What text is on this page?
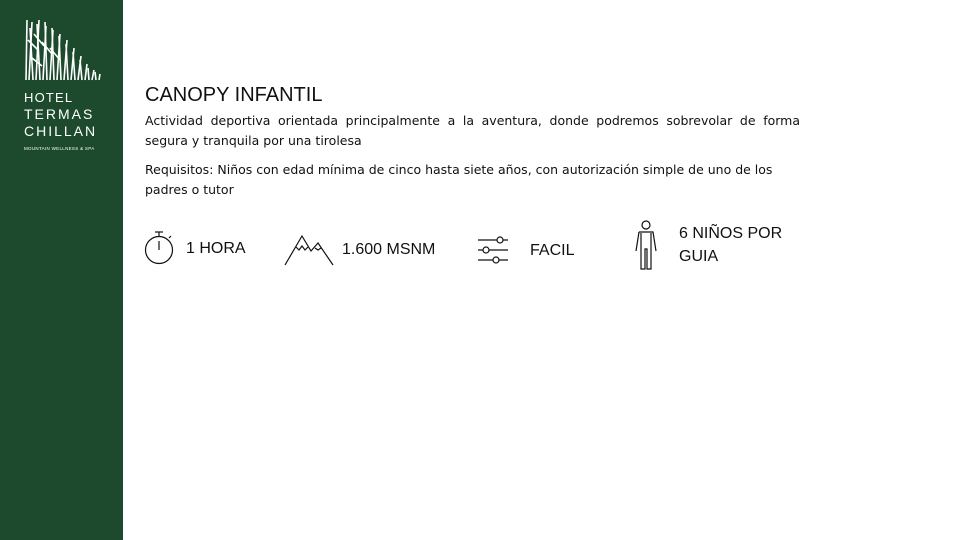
HOTEL
TERMAS
CHILLAN
MOUNTAIN WELLNESS & SPA
CANOPY INFANTIL
Actividad deportiva orientada principalmente a la aventura, donde podremos sobrevolar de forma segura y tranquila por una tirolesa
Requisitos: Niños con edad mínima de cinco hasta siete años, con autorización simple de uno de los padres o tutor
1 HORA	1.600 MSNM	FACIL
6 NIÑOS POR GUIA
